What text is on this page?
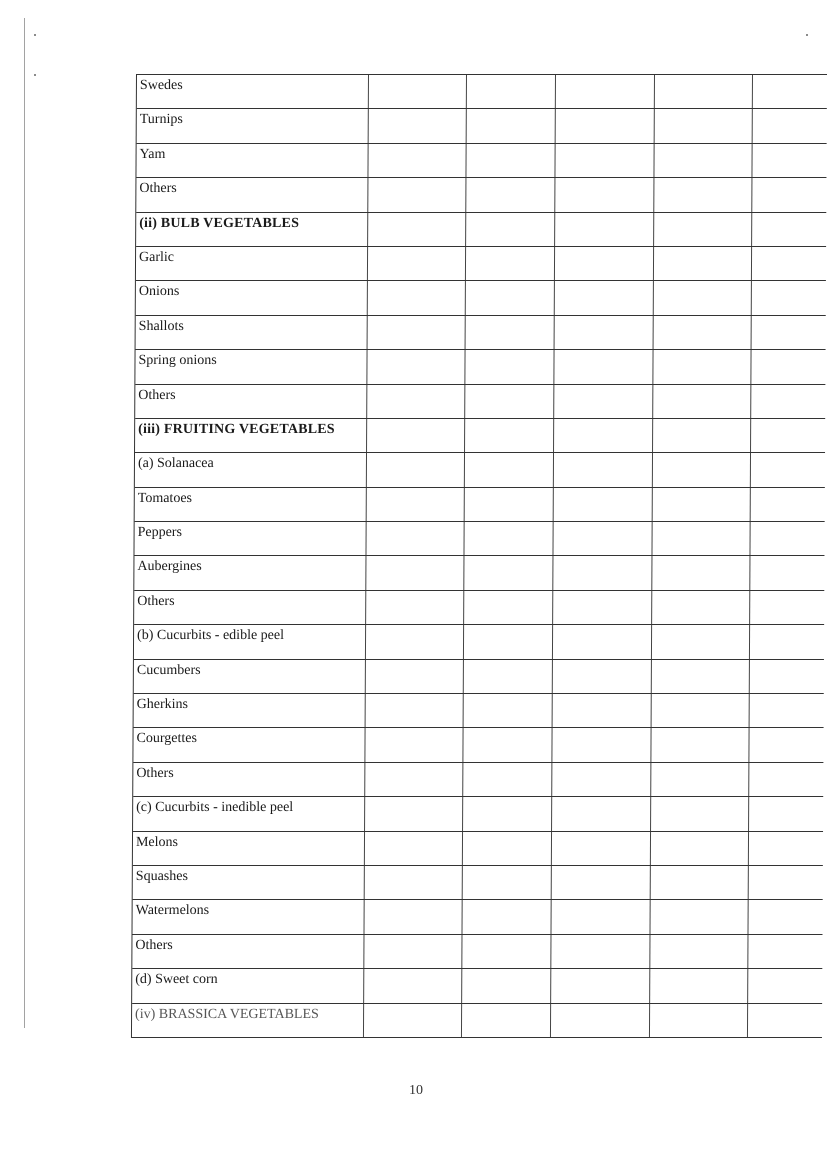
Swedes
Turnips
Yam
Others
(ii) BULB VEGETABLES
Garlic
Onions
Shallots
Spring onions
Others
(iii) FRUITING VEGETABLES
(a) Solanacea
Tomatoes
Peppers
Aubergines
Others
(b) Cucurbits - edible peel
Cucumbers
Gherkins
Courgettes
Others
(c) Cucurbits - inedible peel
Melons
Squashes
Watermelons
Others
(d) Sweet corn
(iv) BRASSICA VEGETABLES
10
